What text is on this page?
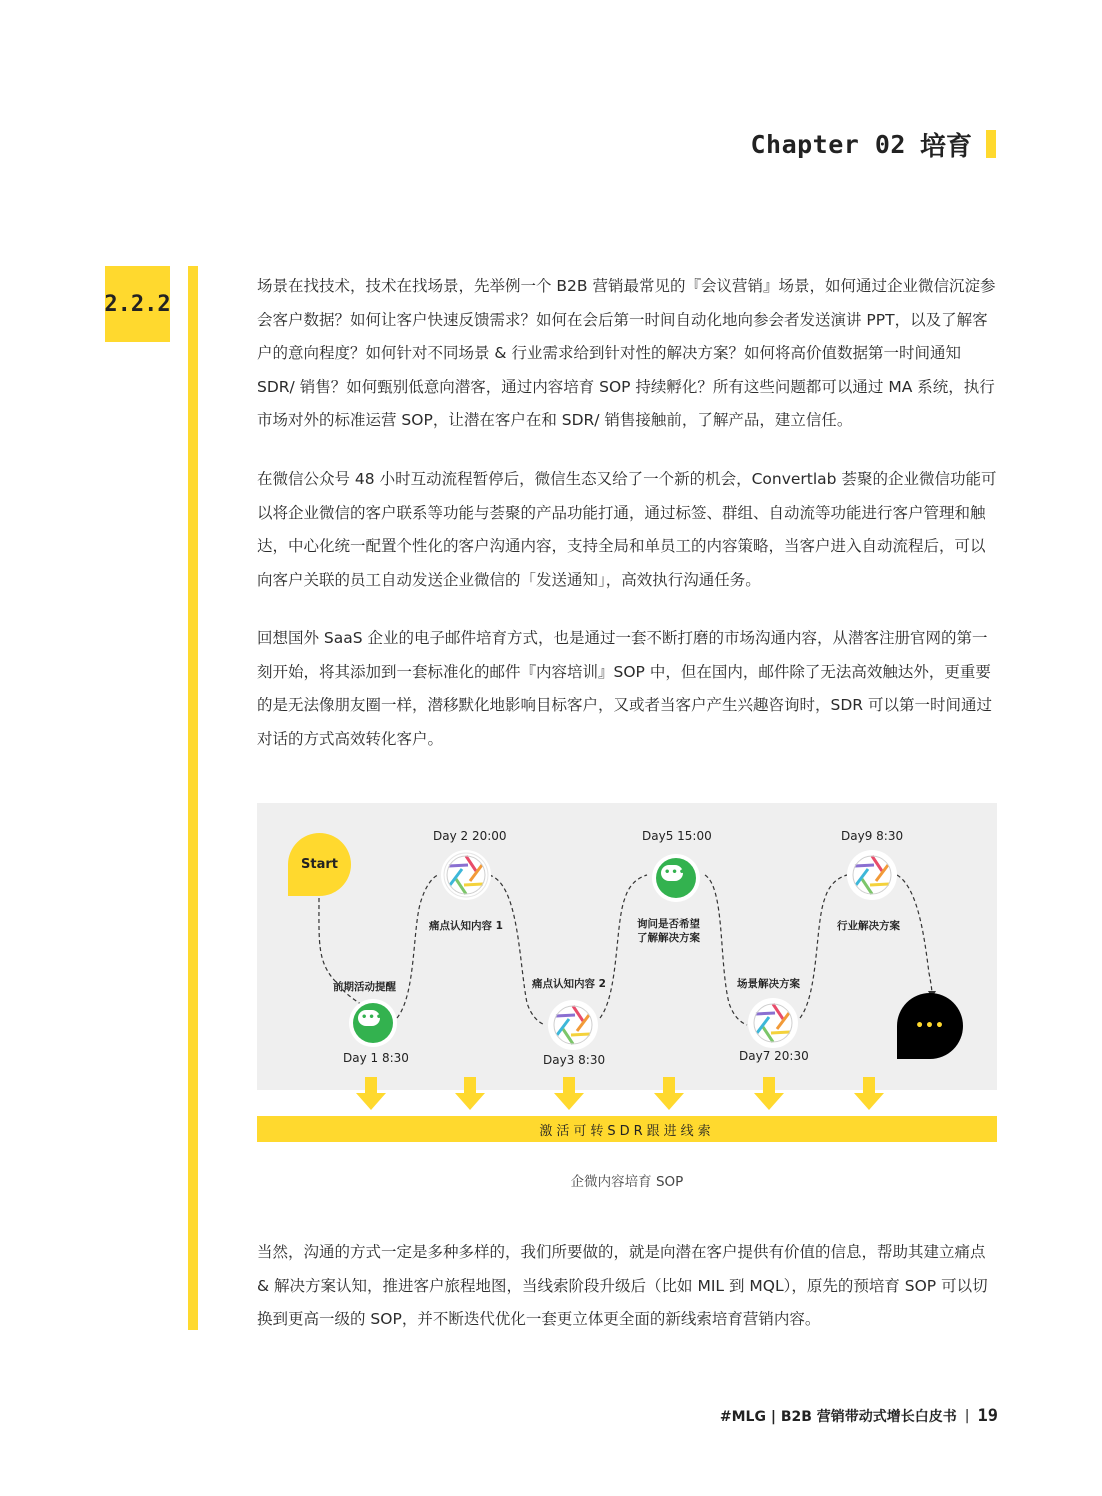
Chapter 02 培育
2.2.2

场景在找技术，技术在找场景，先举例一个 B2B 营销最常见的『会议营销』场景，如何通过企业微信沉淀参会客户数据？如何让客户快速反馈需求？如何在会后第一时间自动化地向参会者发送演讲 PPT，以及了解客户的意向程度？如何针对不同场景 & 行业需求给到针对性的解决方案？如何将高价值数据第一时间通知 SDR/ 销售？如何甄别低意向潜客，通过内容培育 SOP 持续孵化？所有这些问题都可以通过 MA 系统，执行市场对外的标准运营 SOP，让潜在客户在和 SDR/ 销售接触前，了解产品，建立信任。

在微信公众号 48 小时互动流程暂停后，微信生态又给了一个新的机会，Convertlab 荟聚的企业微信功能可以将企业微信的客户联系等功能与荟聚的产品功能打通，通过标签、群组、自动流等功能进行客户管理和触达，中心化统一配置个性化的客户沟通内容，支持全局和单员工的内容策略，当客户进入自动流程后，可以向客户关联的员工自动发送企业微信的「发送通知」，高效执行沟通任务。

回想国外 SaaS 企业的电子邮件培育方式，也是通过一套不断打磨的市场沟通内容，从潜客注册官网的第一刻开始，将其添加到一套标准化的邮件『内容培训』SOP 中，但在国内，邮件除了无法高效触达外，更重要的是无法像朋友圈一样，潜移默化地影响目标客户，又或者当客户产生兴趣咨询时，SDR 可以第一时间通过对话的方式高效转化客户。

Start
•••
•••
•••
Day 1 8:30
Day 2 20:00
Day3 8:30
Day5 15:00
Day7 20:30
Day9 8:30
前期活动提醒
痛点认知内容 1
痛点认知内容 2
询问是否希望
了解解决方案
场景解决方案
行业解决方案
激活可转SDR跟进线索
企微内容培育 SOP

当然，沟通的方式一定是多种多样的，我们所要做的，就是向潜在客户提供有价值的信息，帮助其建立痛点 & 解决方案认知，推进客户旅程地图，当线索阶段升级后（比如 MIL 到 MQL），原先的预培育 SOP 可以切换到更高一级的 SOP，并不断迭代优化一套更立体更全面的新线索培育营销内容。

#MLG | B2B 营销带动式增长白皮书 | 19
